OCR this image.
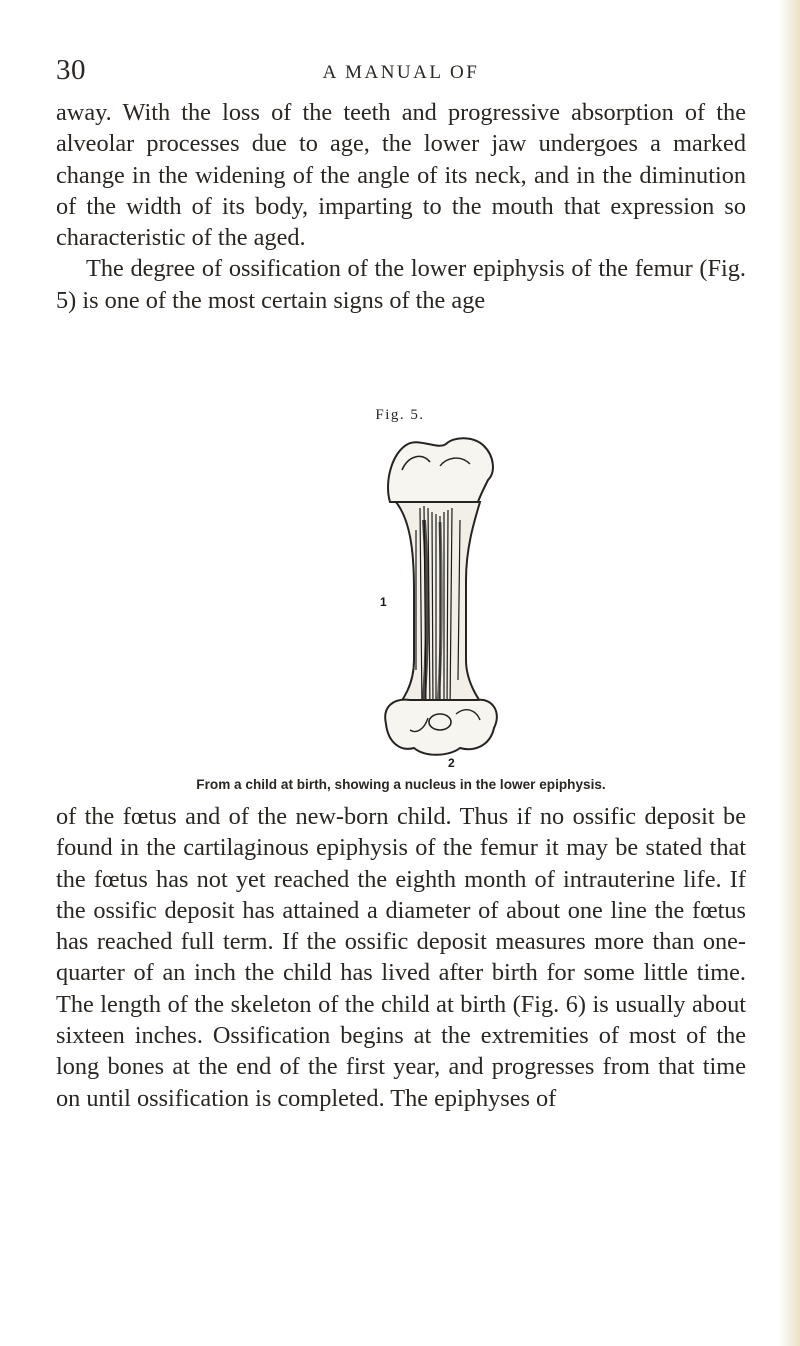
30	A MANUAL OF

away. With the loss of the teeth and progressive absorption of the alveolar processes due to age, the lower jaw undergoes a marked change in the widening of the angle of its neck, and in the diminution of the width of its body, imparting to the mouth that expression so characteristic of the aged.
The degree of ossification of the lower epiphysis of the femur (Fig. 5) is one of the most certain signs of the age

Fig. 5.
1
2
From a child at birth, showing a nucleus in the lower epiphysis.

of the fœtus and of the new-born child. Thus if no ossific deposit be found in the cartilaginous epiphysis of the femur it may be stated that the fœtus has not yet reached the eighth month of intrauterine life. If the ossific deposit has attained a diameter of about one line the fœtus has reached full term. If the ossific deposit measures more than one-quarter of an inch the child has lived after birth for some little time. The length of the skeleton of the child at birth (Fig. 6) is usually about sixteen inches. Ossification begins at the extremities of most of the long bones at the end of the first year, and progresses from that time on until ossification is completed. The epiphyses of
